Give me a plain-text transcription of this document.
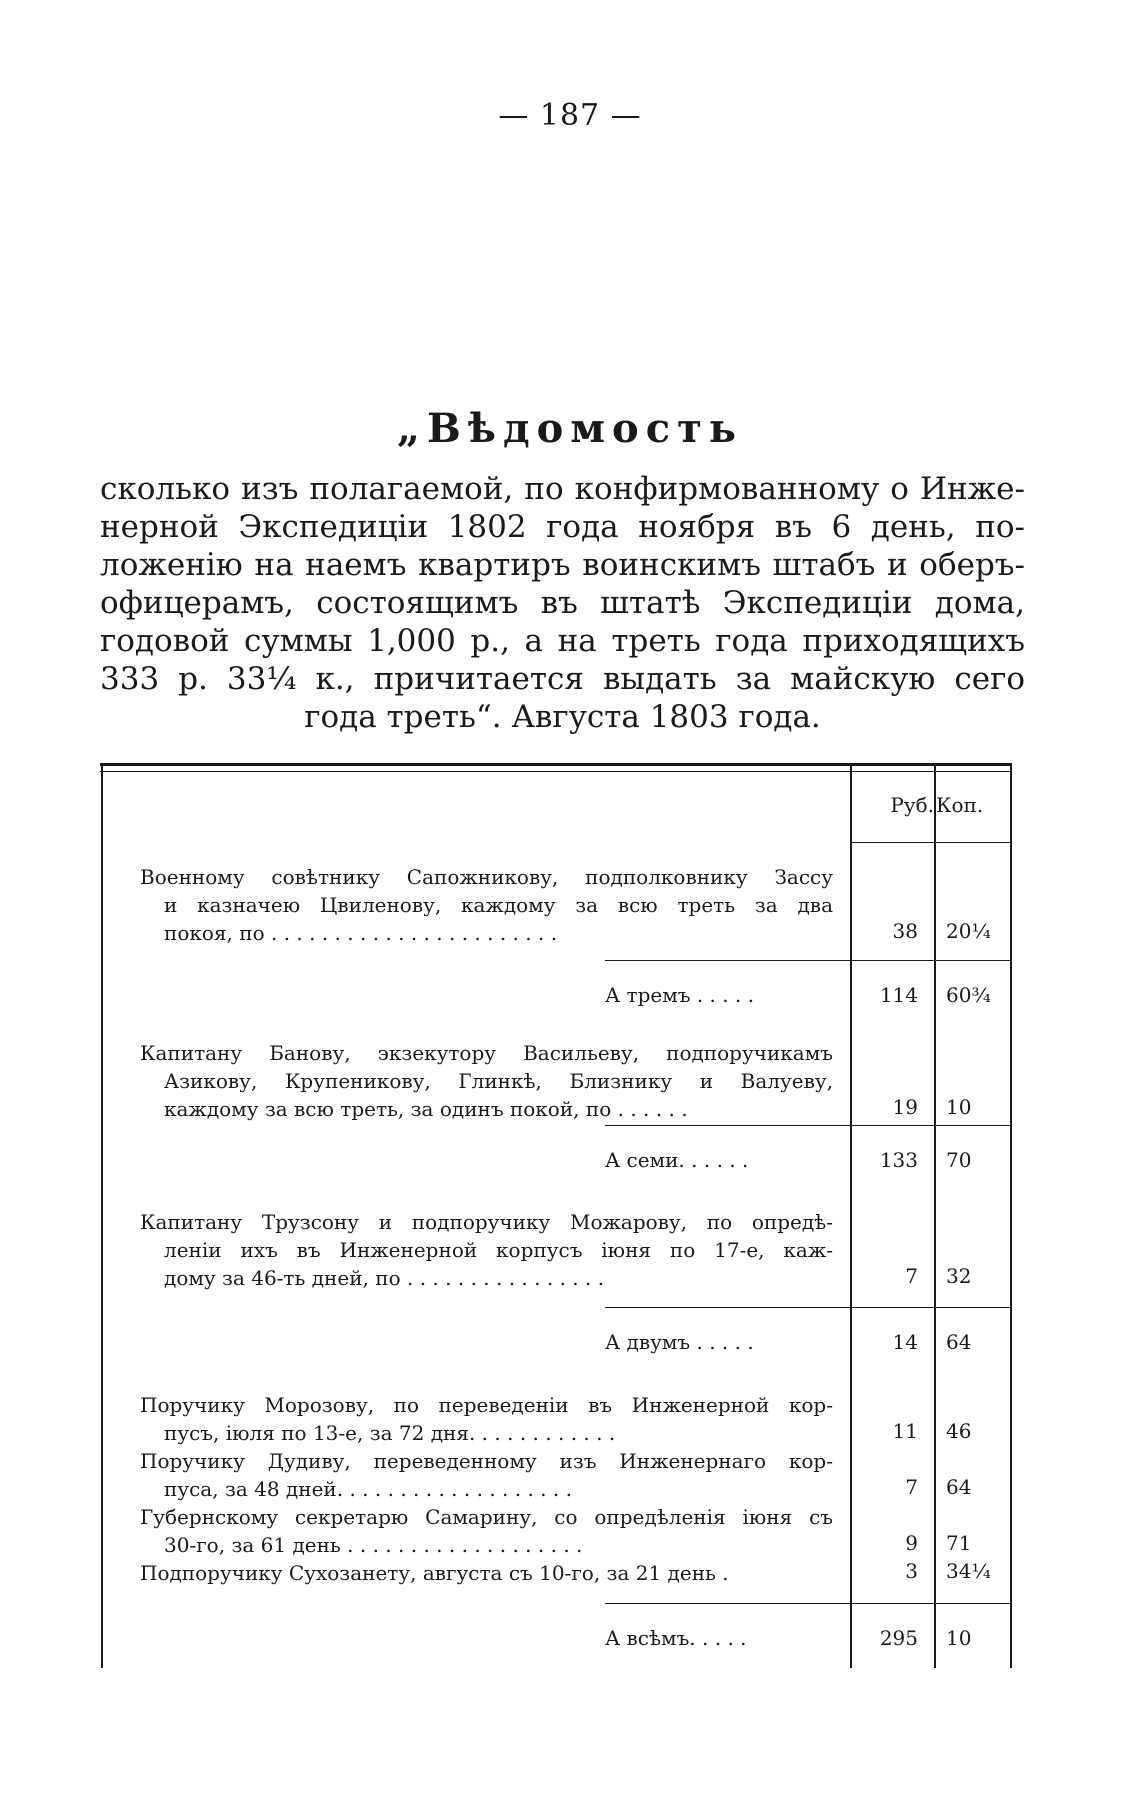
— 187 —
„Вѣдомость
сколько изъ полагаемой, по конфирмованному о Инже-
нерной Экспедиціи 1802 года ноября въ 6 день, по-
ложенію на наемъ квартиръ воинскимъ штабъ и оберъ-
офицерамъ, состоящимъ въ штатѣ Экспедиціи дома,
годовой суммы 1,000 р., а на треть года приходящихъ
333 р. 33¼ к., причитается выдать за майскую сего
года треть“. Августа 1803 года.
Руб. Коп.
Военному совѣтнику Сапожникову, подполковнику Зассу
и казначею Цвиленову, каждому за всю треть за два
покоя, по . . . . . . . . . . . . . . . . . . . . . . .	38 20¼
А тремъ . . . . .	114 60¾
Капитану Банову, экзекутору Васильеву, подпоручикамъ
Азикову, Крупеникову, Глинкѣ, Близнику и Валуеву,
каждому за всю треть, за одинъ покой, по . . . . . .	19 10
А семи. . . . . .	133 70
Капитану Трузсону и подпоручику Можарову, по опредѣ-
леніи ихъ въ Инженерной корпусъ іюня по 17-е, каж-
дому за 46-ть дней, по . . . . . . . . . . . . . . . .	7 32
А двумъ . . . . .	14 64
Поручику Морозову, по переведеніи въ Инженерной кор-
пусъ, іюля по 13-е, за 72 дня. . . . . . . . . . . .	11 46
Поручику Дудиву, переведенному изъ Инженернаго кор-
пуса, за 48 дней. . . . . . . . . . . . . . . . . . .	7 64
Губернскому секретарю Самарину, со опредѣленія іюня съ
30-го, за 61 день . . . . . . . . . . . . . . . . . . .	9 71
Подпоручику Сухозанету, августа съ 10-го, за 21 день .	3 34¼
А всѣмъ. . . . .	295 10
